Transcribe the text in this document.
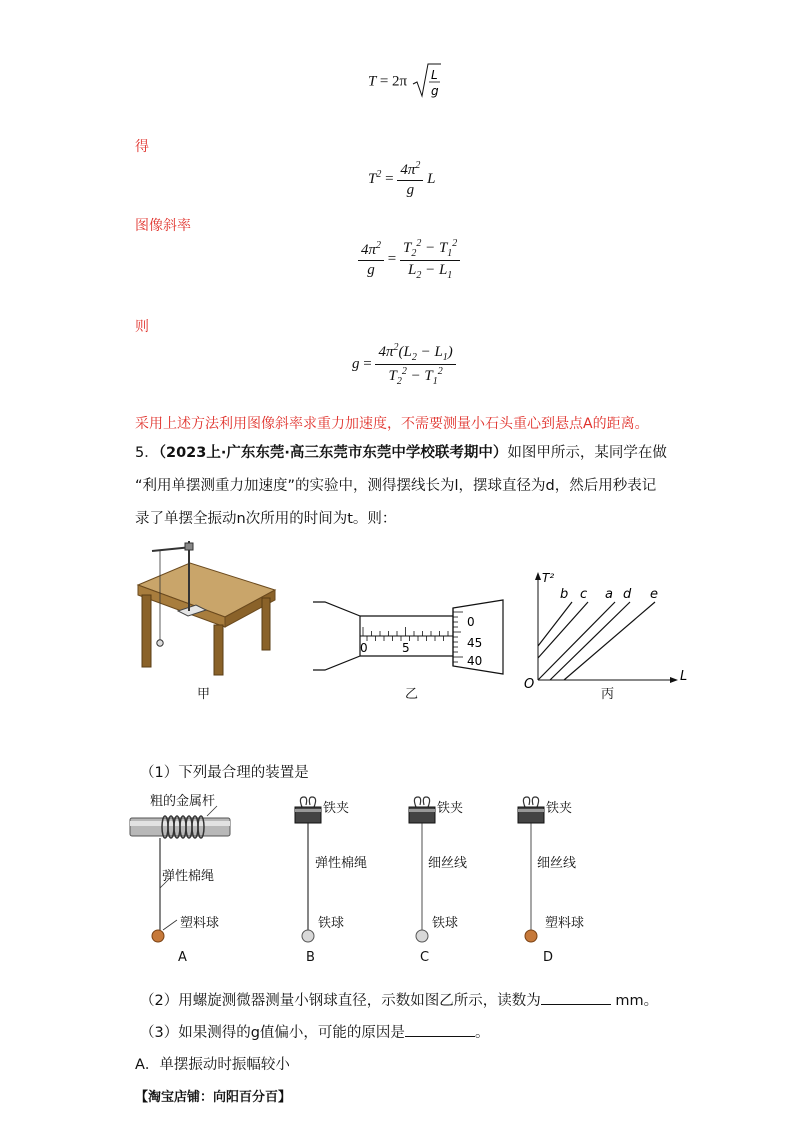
T = 2π L
g
得
$T^2 = \frac{4\pi^2}{g}$ L
图像斜率
$\frac{4\pi^2}{g} = \frac{T_2^2 - T_1^2}{L_2 - L_1}$
则
$g = \frac{4\pi^2(L_2 - L_1)}{T_2^2 - T_1^2}$
采用上述方法利用图像斜率求重力加速度，不需要测量小石头重心到悬点A的距离。
5．（2023上·广东东莞·高三东莞市东莞中学校联考期中）如图甲所示，某同学在做
“利用单摆测重力加速度”的实验中，测得摆线长为l，摆球直径为d，然后用秒表记
录了单摆全振动n次所用的时间为t。则：
甲
0	5
0
45
40
乙
T²
L
O
b c a d e
丙
（1）下列最合理的装置是
粗的金属杆
弹性棉绳
塑料球
A
铁夹
弹性棉绳
铁球
B
铁夹
细丝线
铁球
C
铁夹
细丝线
塑料球
D
（2）用螺旋测微器测量小钢球直径，示数如图乙所示，读数为	mm。
（3）如果测得的g值偏小，可能的原因是	。
A．单摆振动时振幅较小
【淘宝店铺：向阳百分百】
